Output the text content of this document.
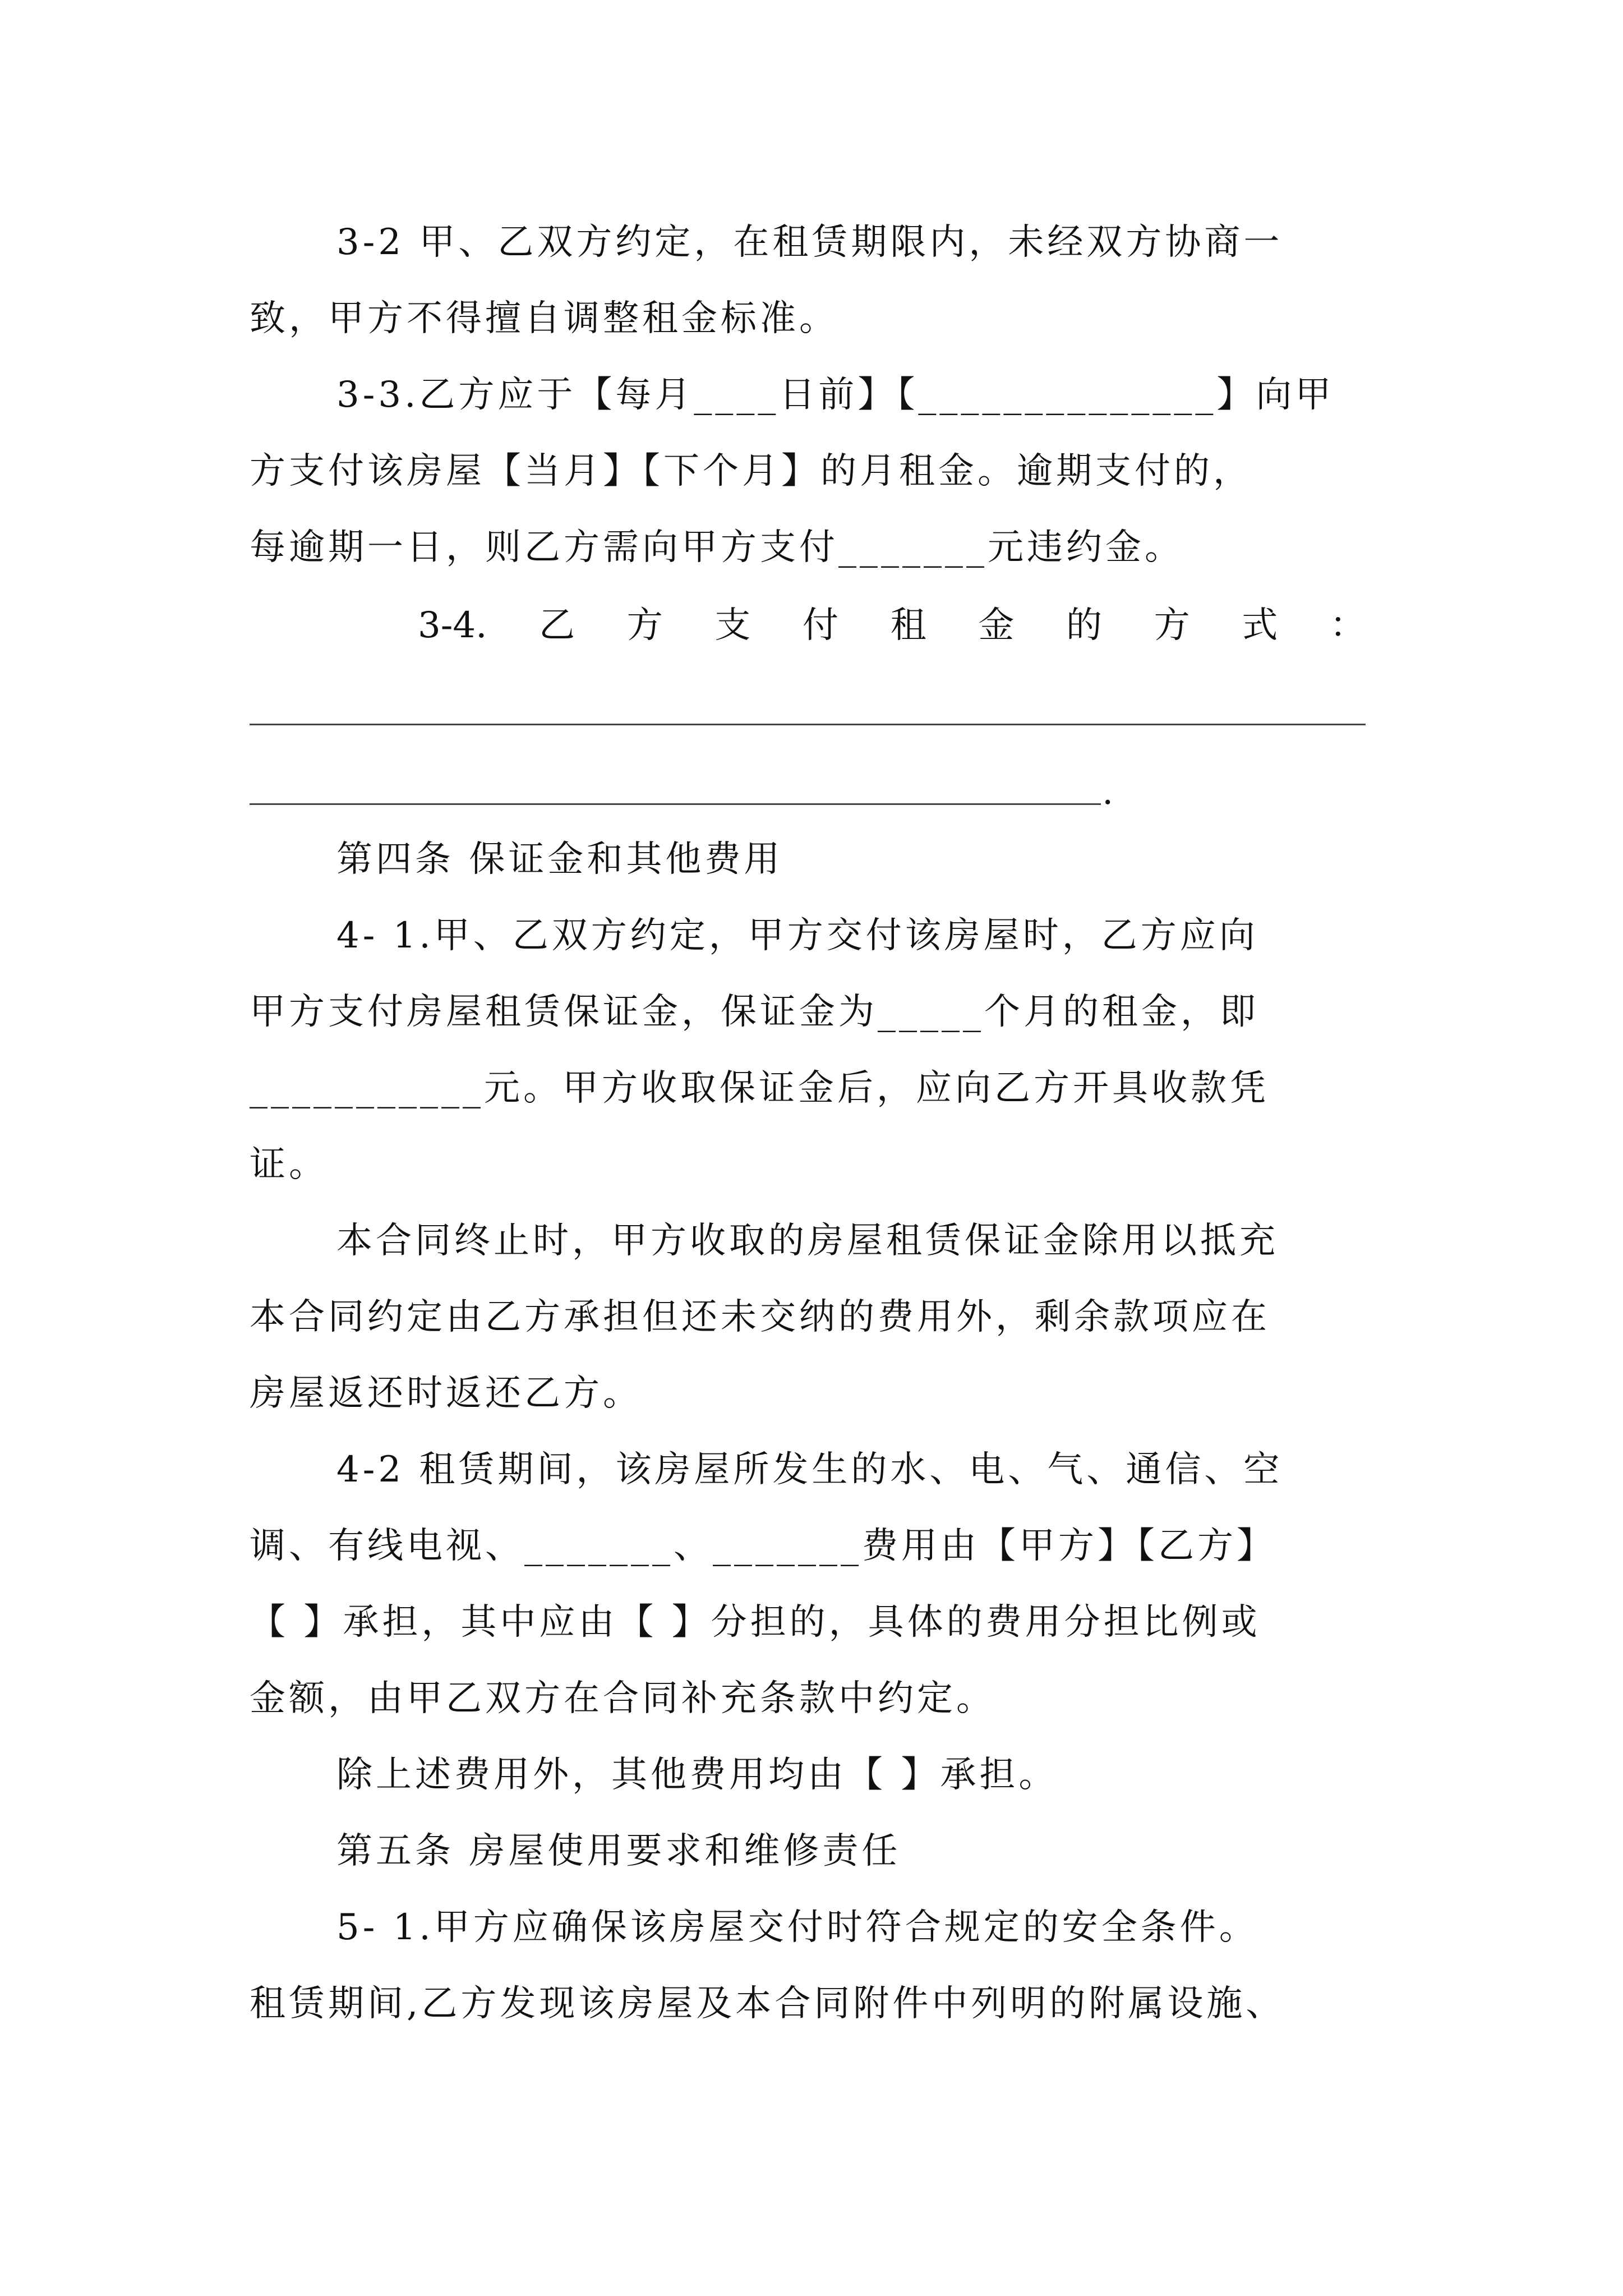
3-2 甲、乙双方约定，在租赁期限内，未经双方协商一
致，甲方不得擅自调整租金标准。
3-3.乙方应于【每月____日前】【______________】向甲
方支付该房屋【当月】【下个月】的月租金。逾期支付的，
每逾期一日，则乙方需向甲方支付_______元违约金。
3-4. 乙 方 支 付 租 金 的 方 式 ：
.
第四条 保证金和其他费用
4- 1.甲、乙双方约定，甲方交付该房屋时，乙方应向
甲方支付房屋租赁保证金，保证金为_____个月的租金，即
___________元。甲方收取保证金后，应向乙方开具收款凭
证。
本合同终止时，甲方收取的房屋租赁保证金除用以抵充
本合同约定由乙方承担但还未交纳的费用外，剩余款项应在
房屋返还时返还乙方。
4-2 租赁期间，该房屋所发生的水、电、气、通信、空
调、有线电视、_______、_______费用由【甲方】【乙方】
【 】承担，其中应由【 】分担的，具体的费用分担比例或
金额，由甲乙双方在合同补充条款中约定。
除上述费用外，其他费用均由【 】承担。
第五条 房屋使用要求和维修责任
5- 1.甲方应确保该房屋交付时符合规定的安全条件。
租赁期间,乙方发现该房屋及本合同附件中列明的附属设施、
